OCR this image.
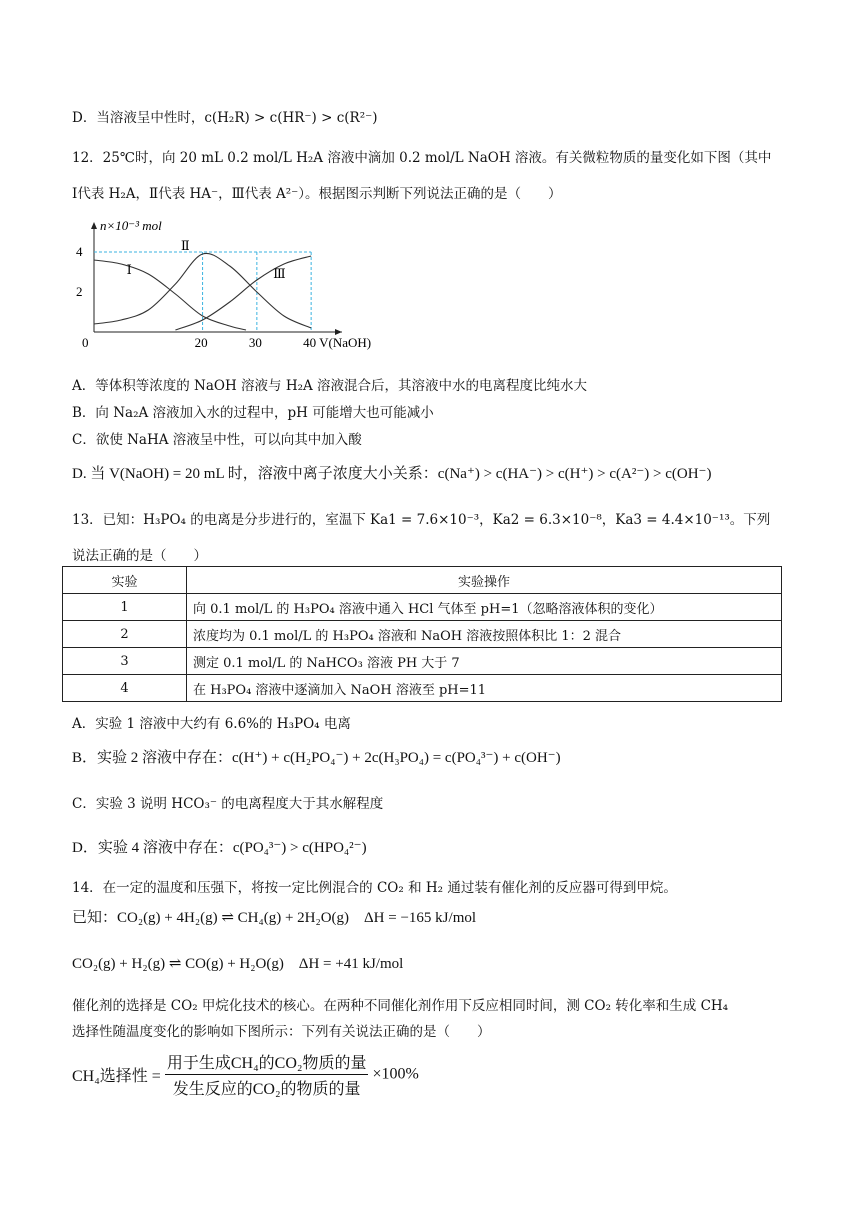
D．当溶液呈中性时，c(H₂R) > c(HR⁻) > c(R²⁻)
12．25℃时，向 20 mL 0.2 mol/L H₂A 溶液中滴加 0.2 mol/L NaOH 溶液。有关微粒物质的量变化如下图（其中
Ⅰ代表 H₂A，Ⅱ代表 HA⁻，Ⅲ代表 A²⁻）。根据图示判断下列说法正确的是（　　）
0	20	30	40
2
4
n×10⁻³ mol
V(NaOH)
Ⅰ
Ⅱ
Ⅲ
A．等体积等浓度的 NaOH 溶液与 H₂A 溶液混合后，其溶液中水的电离程度比纯水大
B．向 Na₂A 溶液加入水的过程中，pH 可能增大也可能减小
C．欲使 NaHA 溶液呈中性，可以向其中加入酸
D. 当 V(NaOH) = 20 mL 时，溶液中离子浓度大小关系：c(Na⁺) > c(HA⁻) > c(H⁺) > c(A²⁻) > c(OH⁻)
13．已知：H₃PO₄ 的电离是分步进行的，室温下 Ka1 = 7.6×10⁻³，Ka2 = 6.3×10⁻⁸，Ka3 = 4.4×10⁻¹³。下列
说法正确的是（　　）
实验	实验操作
1	向 0.1 mol/L 的 H₃PO₄ 溶液中通入 HCl 气体至 pH=1（忽略溶液体积的变化）
2	浓度均为 0.1 mol/L 的 H₃PO₄ 溶液和 NaOH 溶液按照体积比 1：2 混合
3	测定 0.1 mol/L 的 NaHCO₃ 溶液 PH 大于 7
4	在 H₃PO₄ 溶液中逐滴加入 NaOH 溶液至 pH=11
A．实验 1 溶液中大约有 6.6%的 H₃PO₄ 电离
B．实验 2 溶液中存在：c(H⁺) + c(H₂PO₄⁻) + 2c(H₃PO₄) = c(PO₄³⁻) + c(OH⁻)
C．实验 3 说明 HCO₃⁻ 的电离程度大于其水解程度
D．实验 4 溶液中存在：c(PO₄³⁻) > c(HPO₄²⁻)
14．在一定的温度和压强下，将按一定比例混合的 CO₂ 和 H₂ 通过装有催化剂的反应器可得到甲烷。
已知：CO₂(g) + 4H₂(g) ⇌ CH₄(g) + 2H₂O(g)　ΔH = −165 kJ/mol
CO₂(g) + H₂(g) ⇌ CO(g) + H₂O(g)　ΔH = +41 kJ/mol
催化剂的选择是 CO₂ 甲烷化技术的核心。在两种不同催化剂作用下反应相同时间，测 CO₂ 转化率和生成 CH₄
选择性随温度变化的影响如下图所示：下列有关说法正确的是（　　）
CH₄选择性 = $\frac{\text{用于生成CH₄的CO₂物质的量}}{\text{发生反应的CO₂的物质的量}} \times 100\%$
